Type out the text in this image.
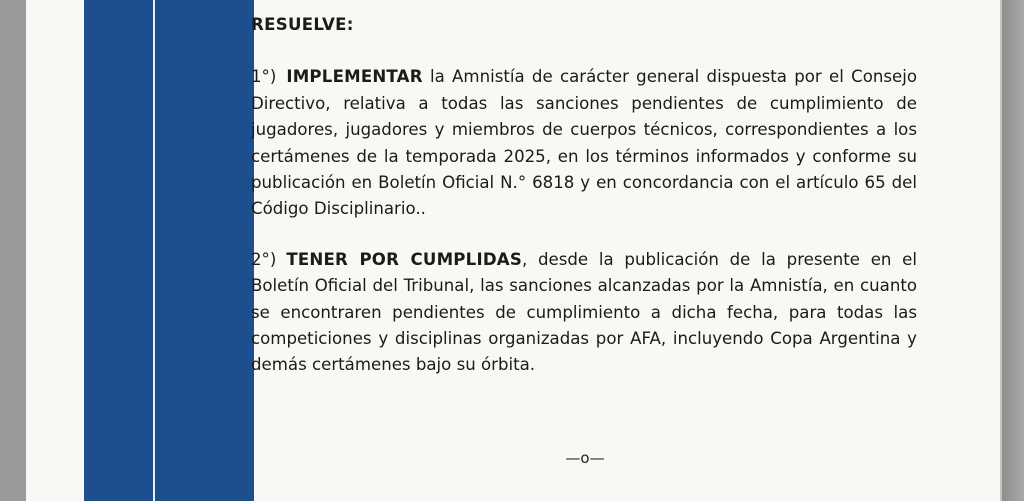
RESUELVE:

1°) IMPLEMENTAR la Amnistía de carácter general dispuesta por el Consejo Directivo, relativa a todas las sanciones pendientes de cumplimiento de jugadores, jugadores y miembros de cuerpos técnicos, correspondientes a los certámenes de la temporada 2025, en los términos informados y conforme su publicación en Boletín Oficial N.° 6818 y en concordancia con el artículo 65 del Código Disciplinario..

2°) TENER POR CUMPLIDAS, desde la publicación de la presente en el Boletín Oficial del Tribunal, las sanciones alcanzadas por la Amnistía, en cuanto se encontraren pendientes de cumplimiento a dicha fecha, para todas las competiciones y disciplinas organizadas por AFA, incluyendo Copa Argentina y demás certámenes bajo su órbita.

—o—
